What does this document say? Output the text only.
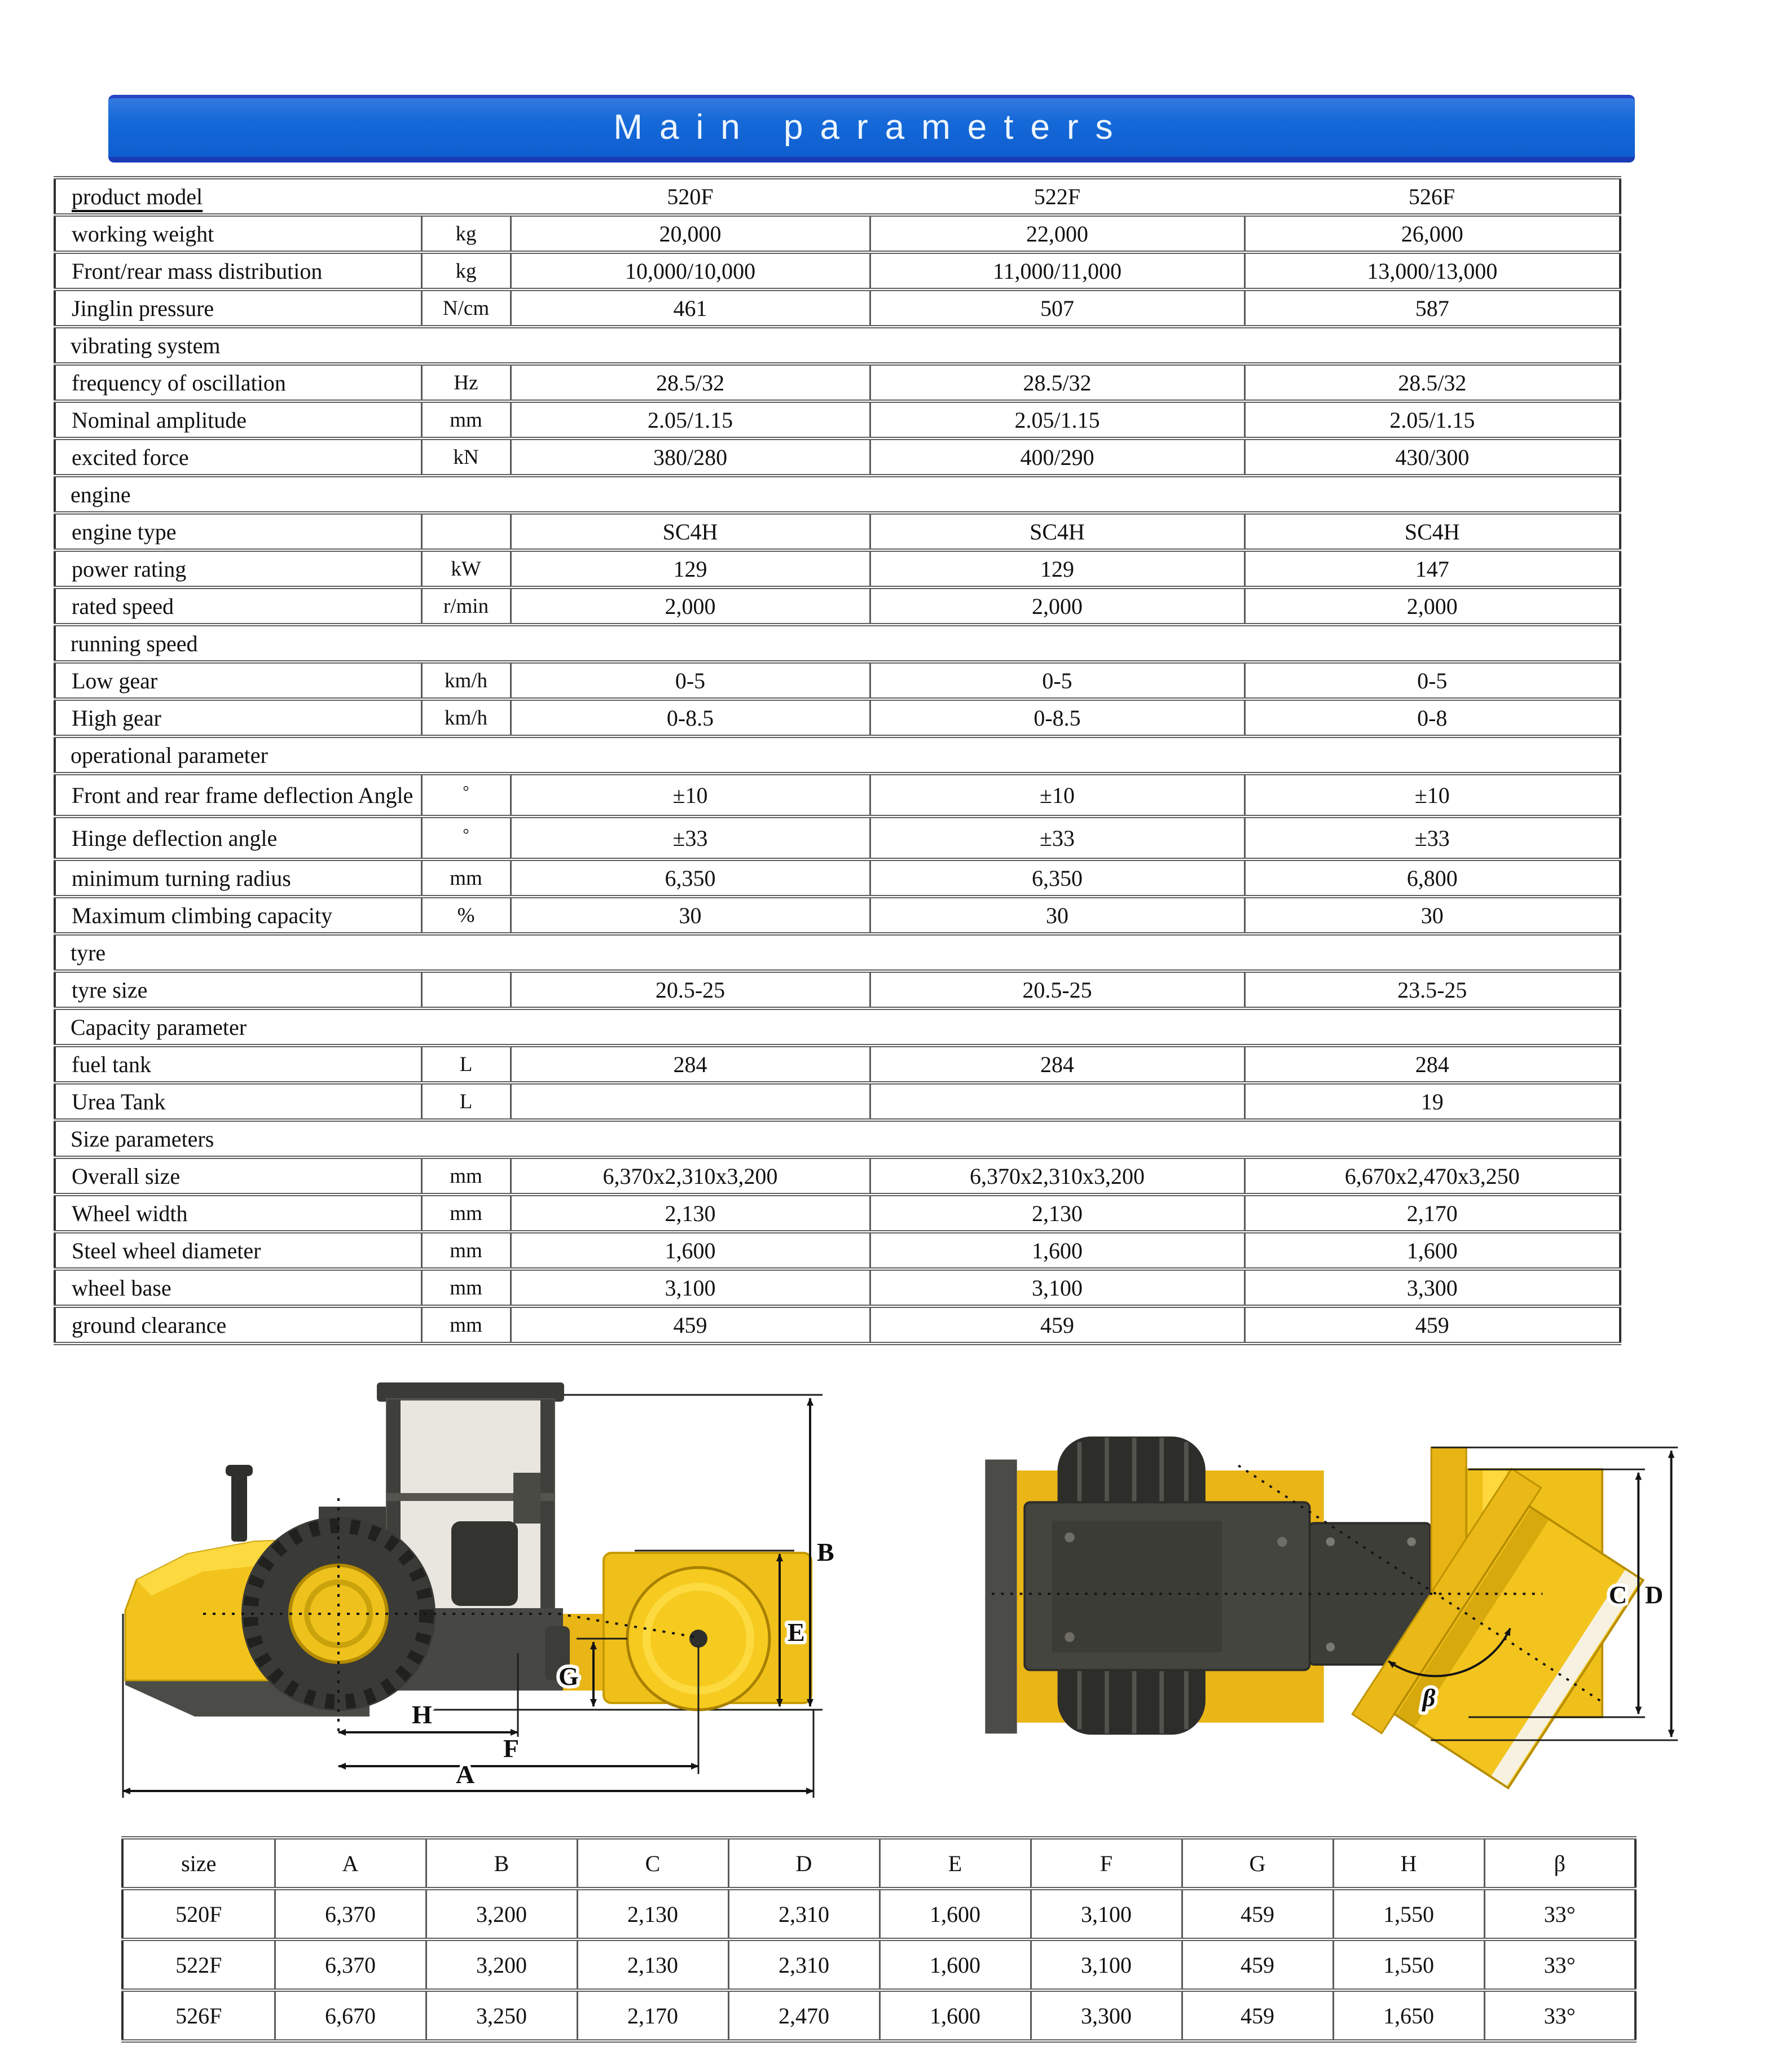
Main parameters
product model		520F	522F	526F
working weight	kg	20,000	22,000	26,000
Front/rear mass distribution	kg	10,000/10,000	11,000/11,000	13,000/13,000
Jinglin pressure	N/cm	461	507	587
vibrating system				
frequency of oscillation	Hz	28.5/32	28.5/32	28.5/32
Nominal amplitude	mm	2.05/1.15	2.05/1.15	2.05/1.15
excited force	kN	380/280	400/290	430/300
engine				
engine type		SC4H	SC4H	SC4H
power rating	kW	129	129	147
rated speed	r/min	2,000	2,000	2,000
running speed				
Low gear	km/h	0-5	0-5	0-5
High gear	km/h	0-8.5	0-8.5	0-8
operational parameter				
Front and rear frame deflection Angle	°	±10	±10	±10
Hinge deflection angle	°	±33	±33	±33
minimum turning radius	mm	6,350	6,350	6,800
Maximum climbing capacity	%	30	30	30
tyre				
tyre size		20.5-25	20.5-25	23.5-25
Capacity parameter				
fuel tank	L	284	284	284
Urea Tank	L			19
Size parameters				
Overall size	mm	6,370x2,310x3,200	6,370x2,310x3,200	6,670x2,470x3,250
Wheel width	mm	2,130	2,130	2,170
Steel wheel diameter	mm	1,600	1,600	1,600
wheel base	mm	3,100	3,100	3,300
ground clearance	mm	459	459	459
B
E
G
H
F
A
β
C D
size	A	B	C	D	E	F	G	H	β
520F	6,370	3,200	2,130	2,310	1,600	3,100	459	1,550	33°
522F	6,370	3,200	2,130	2,310	1,600	3,100	459	1,550	33°
526F	6,670	3,250	2,170	2,470	1,600	3,300	459	1,650	33°
